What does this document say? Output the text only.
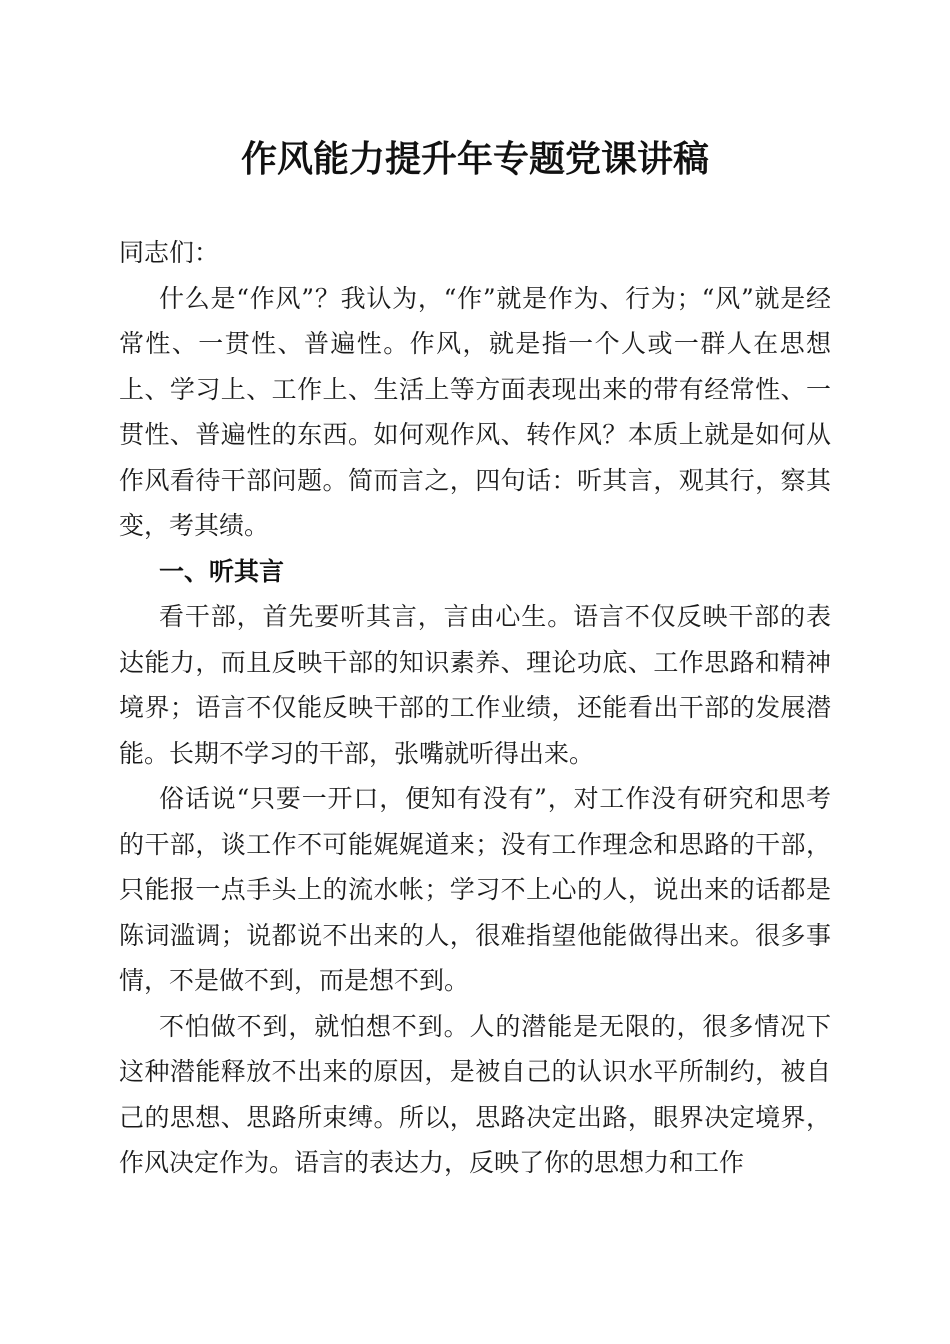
作风能力提升年专题党课讲稿

同志们：

什么是“作风”？我认为，“作”就是作为、行为；“风”就是经常性、一贯性、普遍性。作风，就是指一个人或一群人在思想上、学习上、工作上、生活上等方面表现出来的带有经常性、一贯性、普遍性的东西。如何观作风、转作风？本质上就是如何从作风看待干部问题。简而言之，四句话：听其言，观其行，察其变，考其绩。

一、听其言

看干部，首先要听其言，言由心生。语言不仅反映干部的表达能力，而且反映干部的知识素养、理论功底、工作思路和精神境界；语言不仅能反映干部的工作业绩，还能看出干部的发展潜能。长期不学习的干部，张嘴就听得出来。

俗话说“只要一开口，便知有没有”，对工作没有研究和思考的干部，谈工作不可能娓娓道来；没有工作理念和思路的干部，只能报一点手头上的流水帐；学习不上心的人，说出来的话都是陈词滥调；说都说不出来的人，很难指望他能做得出来。很多事情，不是做不到，而是想不到。

不怕做不到，就怕想不到。人的潜能是无限的，很多情况下这种潜能释放不出来的原因，是被自己的认识水平所制约，被自己的思想、思路所束缚。所以，思路决定出路，眼界决定境界，作风决定作为。语言的表达力，反映了你的思想力和工作
